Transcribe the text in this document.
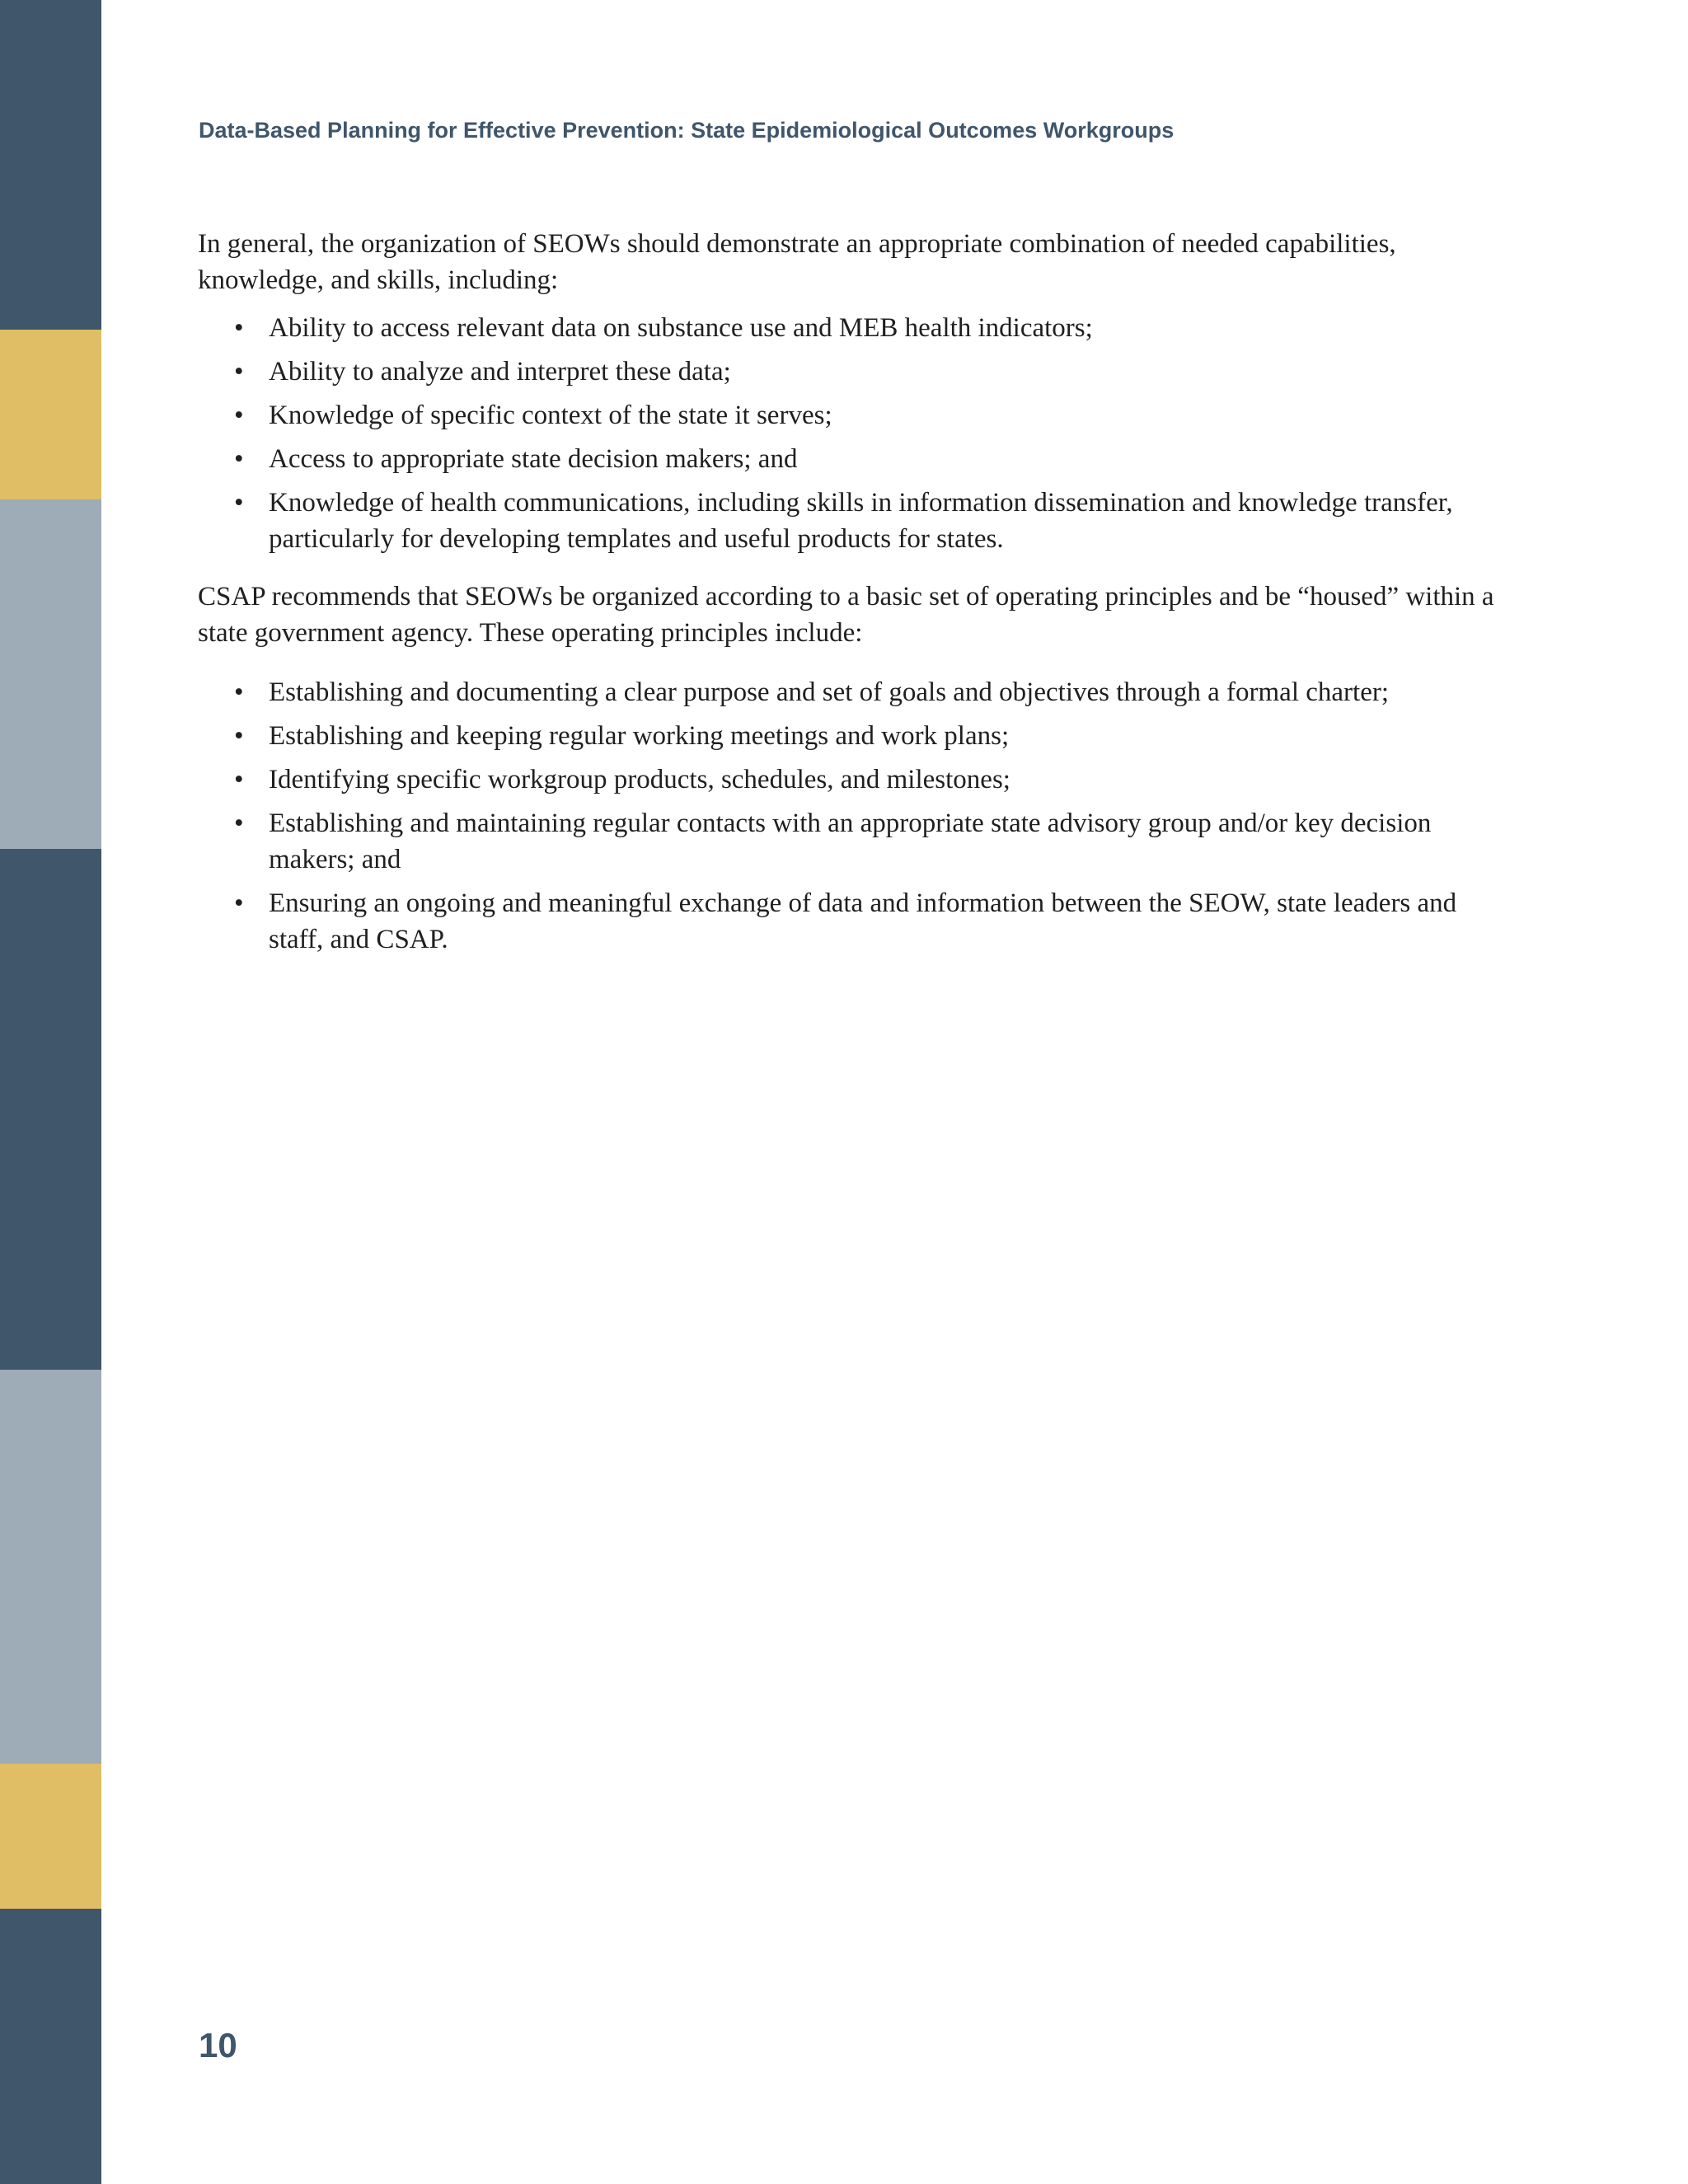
Data-Based Planning for Effective Prevention: State Epidemiological Outcomes Workgroups

In general, the organization of SEOWs should demonstrate an appropriate combination of needed capabilities, knowledge, and skills, including:

• Ability to access relevant data on substance use and MEB health indicators;
• Ability to analyze and interpret these data;
• Knowledge of specific context of the state it serves;
• Access to appropriate state decision makers; and
• Knowledge of health communications, including skills in information dissemination and knowledge transfer, particularly for developing templates and useful products for states.

CSAP recommends that SEOWs be organized according to a basic set of operating principles and be “housed” within a state government agency. These operating principles include:

• Establishing and documenting a clear purpose and set of goals and objectives through a formal charter;
• Establishing and keeping regular working meetings and work plans;
• Identifying specific workgroup products, schedules, and milestones;
• Establishing and maintaining regular contacts with an appropriate state advisory group and/or key decision makers; and
• Ensuring an ongoing and meaningful exchange of data and information between the SEOW, state leaders and staff, and CSAP.
10
